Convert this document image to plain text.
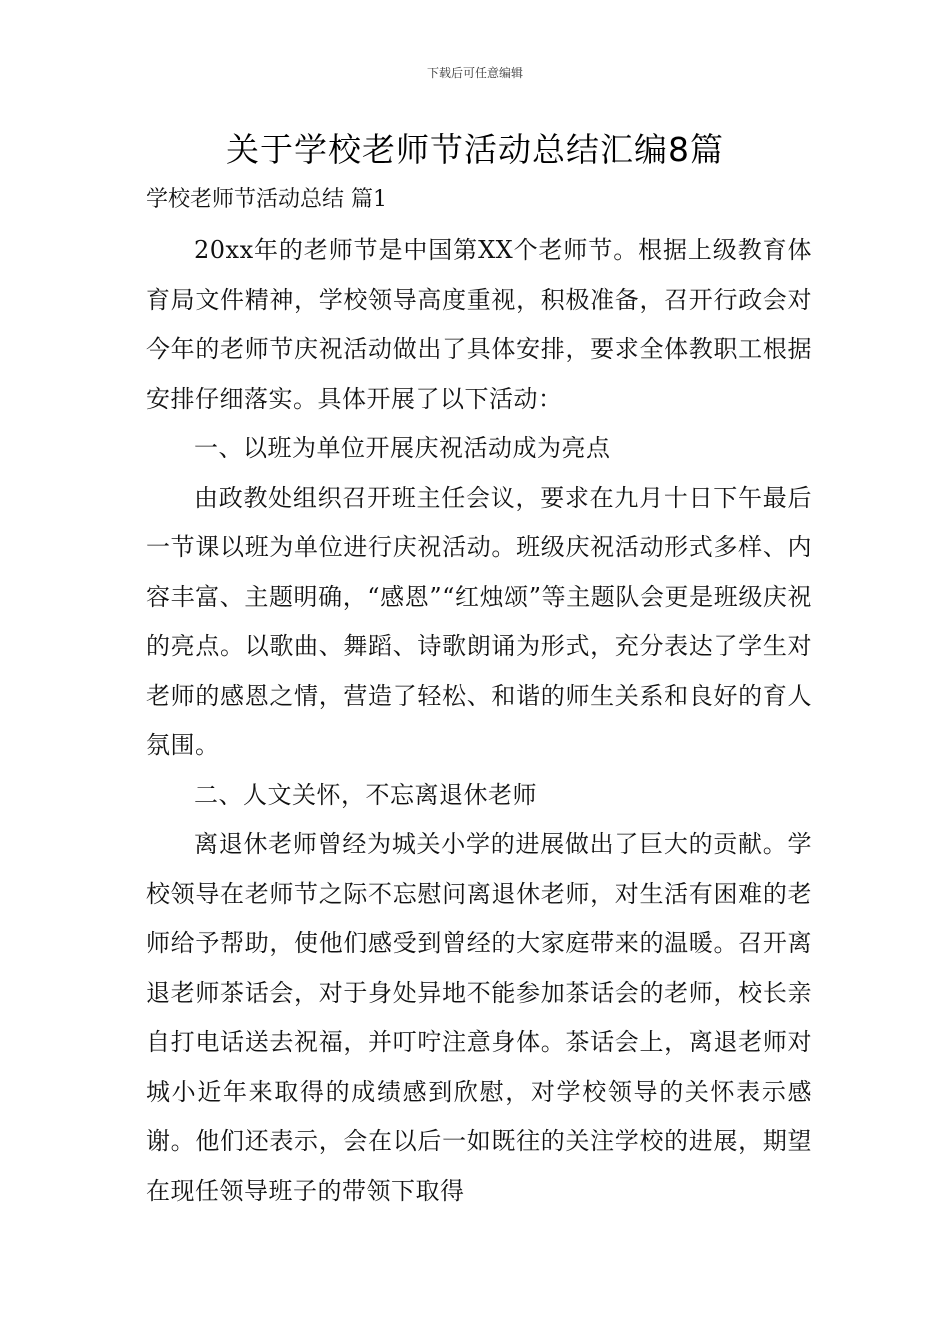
下载后可任意编辑
关于学校老师节活动总结汇编8篇
学校老师节活动总结 篇1

20xx年的老师节是中国第XX个老师节。根据上级教育体育局文件精神，学校领导高度重视，积极准备，召开行政会对今年的老师节庆祝活动做出了具体安排，要求全体教职工根据安排仔细落实。具体开展了以下活动：

一、以班为单位开展庆祝活动成为亮点

由政教处组织召开班主任会议，要求在九月十日下午最后一节课以班为单位进行庆祝活动。班级庆祝活动形式多样、内容丰富、主题明确，“感恩”“红烛颂”等主题队会更是班级庆祝的亮点。以歌曲、舞蹈、诗歌朗诵为形式，充分表达了学生对老师的感恩之情，营造了轻松、和谐的师生关系和良好的育人氛围。

二、人文关怀，不忘离退休老师

离退休老师曾经为城关小学的进展做出了巨大的贡献。学校领导在老师节之际不忘慰问离退休老师，对生活有困难的老师给予帮助，使他们感受到曾经的大家庭带来的温暖。召开离退老师茶话会，对于身处异地不能参加茶话会的老师，校长亲自打电话送去祝福，并叮咛注意身体。茶话会上，离退老师对城小近年来取得的成绩感到欣慰，对学校领导的关怀表示感谢。他们还表示，会在以后一如既往的关注学校的进展，期望在现任领导班子的带领下取得
